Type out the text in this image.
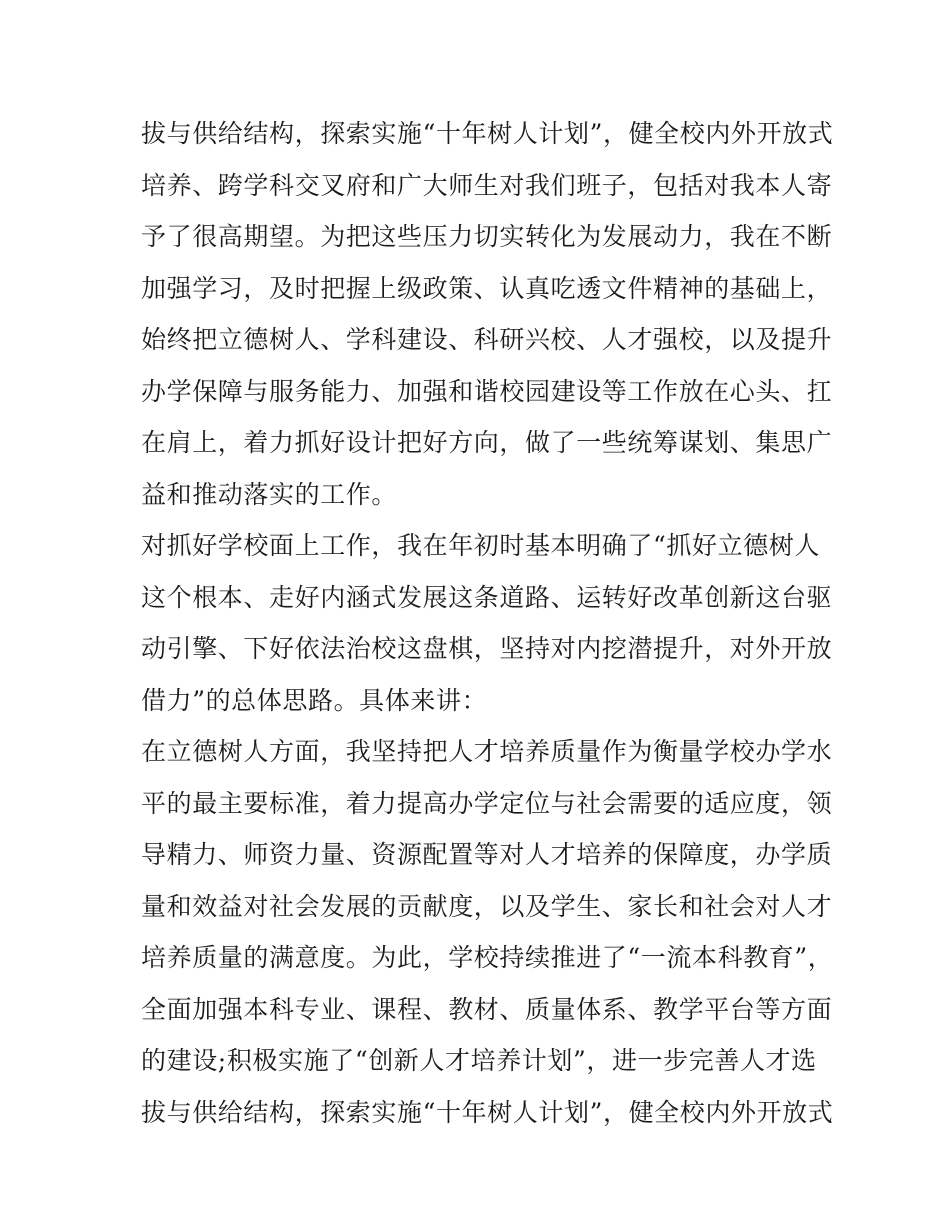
拔与供给结构，探索实施“十年树人计划”，健全校内外开放式
培养、跨学科交叉府和广大师生对我们班子，包括对我本人寄
予了很高期望。为把这些压力切实转化为发展动力，我在不断
加强学习，及时把握上级政策、认真吃透文件精神的基础上，
始终把立德树人、学科建设、科研兴校、人才强校，以及提升
办学保障与服务能力、加强和谐校园建设等工作放在心头、扛
在肩上，着力抓好设计把好方向，做了一些统筹谋划、集思广
益和推动落实的工作。
对抓好学校面上工作，我在年初时基本明确了“抓好立德树人
这个根本、走好内涵式发展这条道路、运转好改革创新这台驱
动引擎、下好依法治校这盘棋，坚持对内挖潜提升，对外开放
借力”的总体思路。具体来讲：
在立德树人方面，我坚持把人才培养质量作为衡量学校办学水
平的最主要标准，着力提高办学定位与社会需要的适应度，领
导精力、师资力量、资源配置等对人才培养的保障度，办学质
量和效益对社会发展的贡献度，以及学生、家长和社会对人才
培养质量的满意度。为此，学校持续推进了“一流本科教育”，
全面加强本科专业、课程、教材、质量体系、教学平台等方面
的建设;积极实施了“创新人才培养计划”，进一步完善人才选
拔与供给结构，探索实施“十年树人计划”，健全校内外开放式
